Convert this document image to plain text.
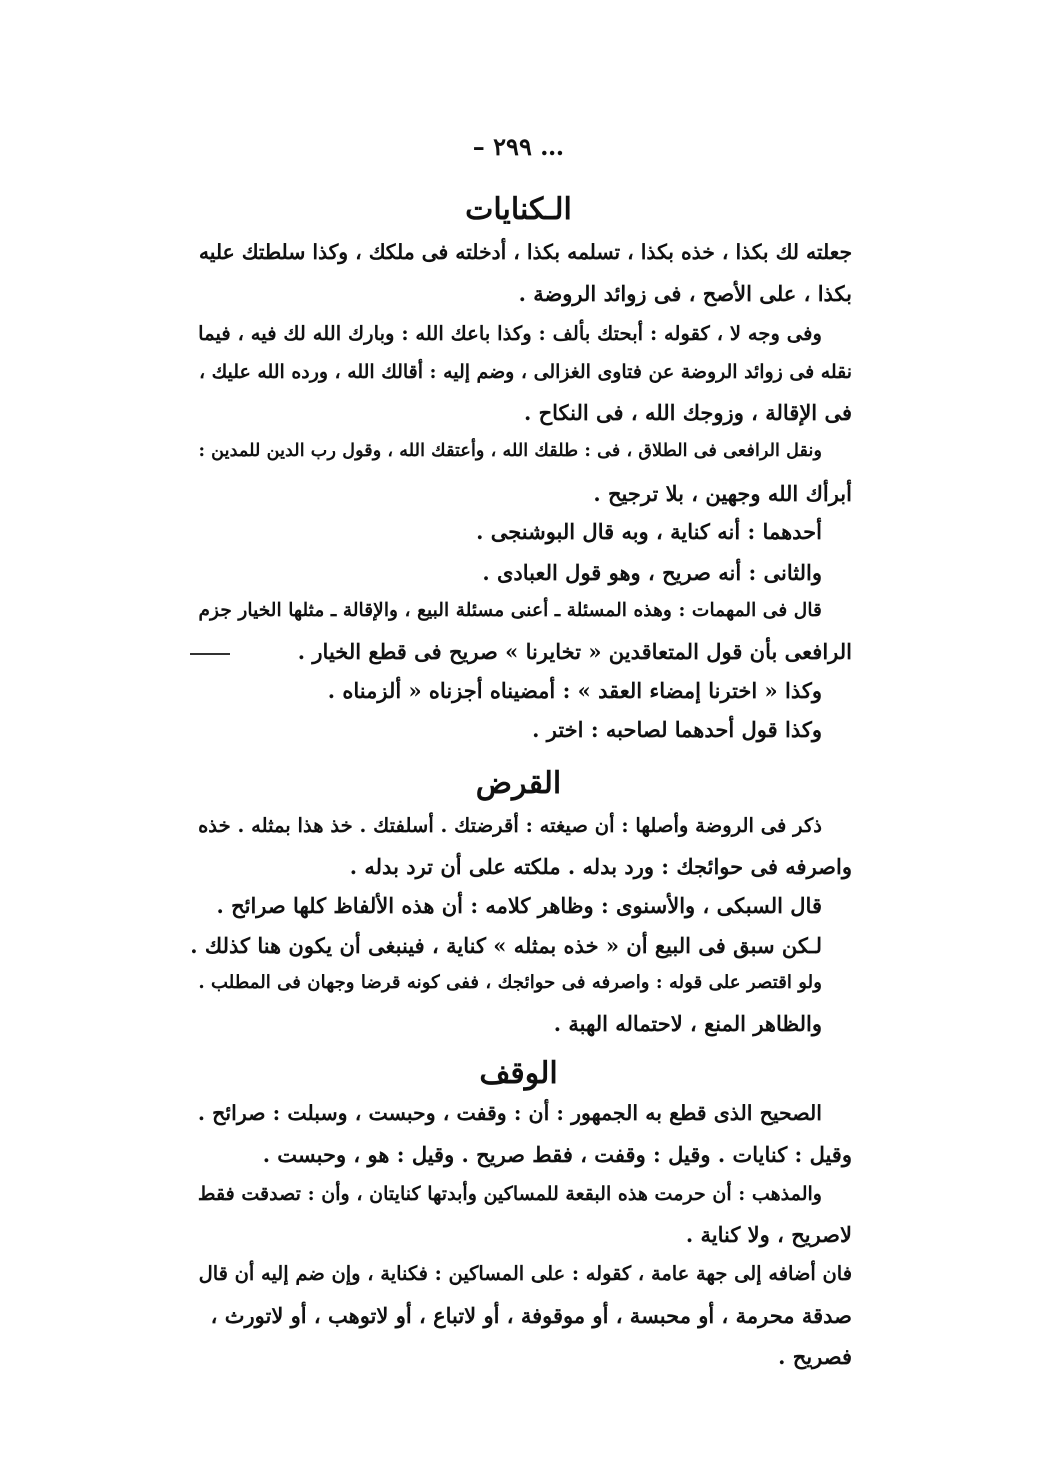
– ٢٩٩ …
الـكنايات
جعلته لك بكذا ، خذه بكذا ، تسلمه بكذا ، أدخلته فى ملكك ، وكذا سلطتك عليه
بكذا ، على الأصح ، فى زوائد الروضة .
وفى وجه لا ، كقوله : أبحتك بألف : وكذا باعك الله : وبارك الله لك فيه ، فيما
نقله فى زوائد الروضة عن فتاوى الغزالى ، وضم إليه : أقالك الله ، ورده الله عليك ،
فى الإقالة ، وزوجك الله ، فى النكاح .
ونقل الرافعى فى الطلاق ، فى : طلقك الله ، وأعتقك الله ، وقول رب الدين للمدين :
أبرأك الله وجهين ، بلا ترجيح .
أحدهما : أنه كناية ، وبه قال البوشنجى .
والثانى : أنه صريح ، وهو قول العبادى .
قال فى المهمات : وهذه المسئلة ـ أعنى مسئلة البيع ، والإقالة ـ مثلها الخيار جزم
الرافعى بأن قول المتعاقدين « تخايرنا » صريح فى قطع الخيار .
وكذا « اخترنا إمضاء العقد » : أمضيناه أجزناه « ألزمناه .
وكذا قول أحدهما لصاحبه : اختر .
القرض
ذكر فى الروضة وأصلها : أن صيغته : أقرضتك . أسلفتك . خذ هذا بمثله . خذه
واصرفه فى حوائجك : ورد بدله . ملكته على أن ترد بدله .
قال السبكى ، والأسنوى : وظاهر كلامه : أن هذه الألفاظ كلها صرائح .
لـكن سبق فى البيع أن « خذه بمثله » كناية ، فينبغى أن يكون هنا كذلك .
ولو اقتصر على قوله : واصرفه فى حوائجك ، ففى كونه قرضا وجهان فى المطلب .
والظاهر المنع ، لاحتماله الهبة .
الوقف
الصحيح الذى قطع به الجمهور : أن : وقفت ، وحبست ، وسبلت : صرائح .
وقيل : كنايات . وقيل : وقفت ، فقط صريح . وقيل : هو ، وحبست .
والمذهب : أن حرمت هذه البقعة للمساكين وأبدتها كنايتان ، وأن : تصدقت فقط
لاصريح ، ولا كناية .
فان أضافه إلى جهة عامة ، كقوله : على المساكين : فكناية ، وإن ضم إليه أن قال
صدقة محرمة ، أو محبسة ، أو موقوفة ، أو لاتباع ، أو لاتوهب ، أو لاتورث ،
فصريح .
